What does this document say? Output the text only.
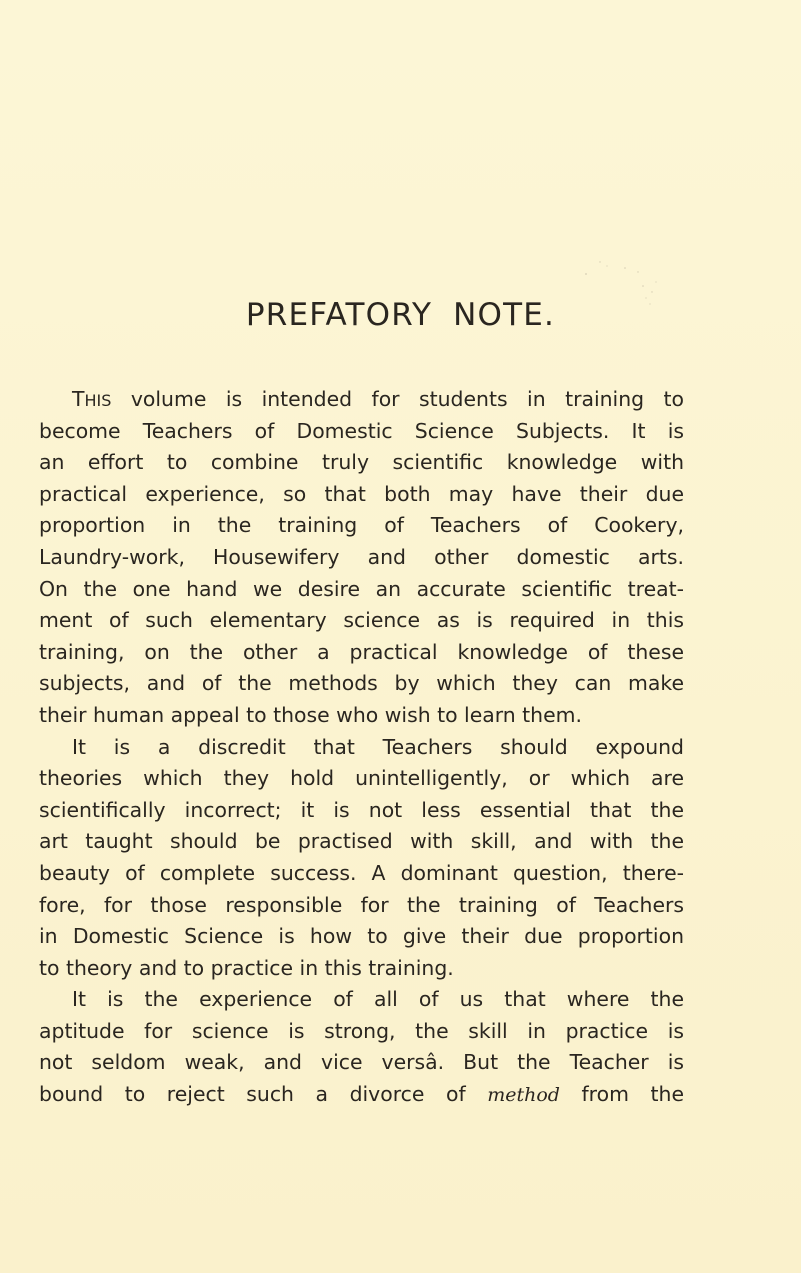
PREFATORY NOTE.
THIS volume is intended for students in training to
become Teachers of Domestic Science Subjects. It is
an effort to combine truly scientific knowledge with
practical experience, so that both may have their due
proportion in the training of Teachers of Cookery,
Laundry-work, Housewifery and other domestic arts.
On the one hand we desire an accurate scientific treat-
ment of such elementary science as is required in this
training, on the other a practical knowledge of these
subjects, and of the methods by which they can make
their human appeal to those who wish to learn them.
It is a discredit that Teachers should expound
theories which they hold unintelligently, or which are
scientifically incorrect; it is not less essential that the
art taught should be practised with skill, and with the
beauty of complete success. A dominant question, there-
fore, for those responsible for the training of Teachers
in Domestic Science is how to give their due proportion
to theory and to practice in this training.
It is the experience of all of us that where the
aptitude for science is strong, the skill in practice is
not seldom weak, and vice versâ. But the Teacher is
bound to reject such a divorce of method from the
